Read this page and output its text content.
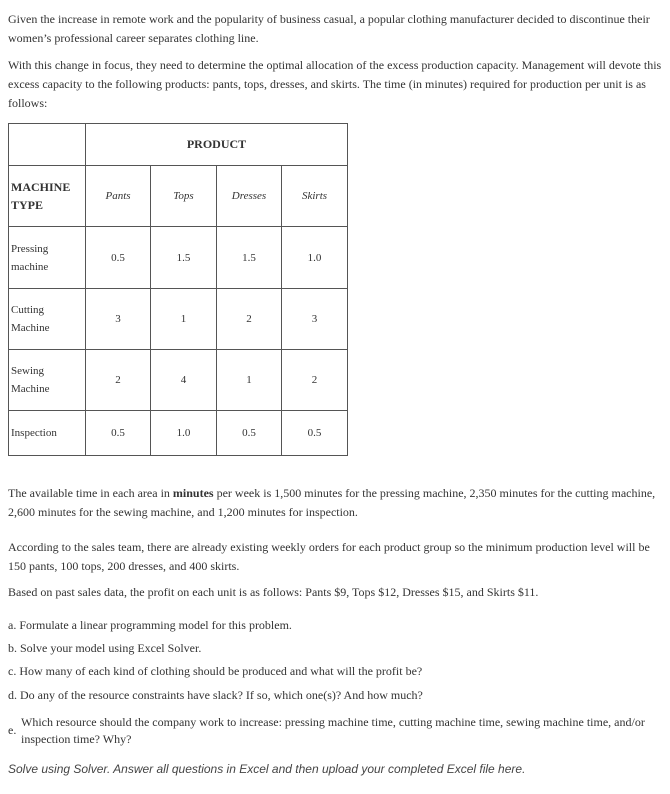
Given the increase in remote work and the popularity of business casual, a popular clothing manufacturer decided to discontinue their women’s professional career separates clothing line.

With this change in focus, they need to determine the optimal allocation of the excess production capacity. Management will devote this excess capacity to the following products: pants, tops, dresses, and skirts. The time (in minutes) required for production per unit is as follows:

	PRODUCT			
MACHINE TYPE	Pants	Tops	Dresses	Skirts
Pressing machine	0.5	1.5	1.5	1.0
Cutting Machine	3	1	2	3
Sewing Machine	2	4	1	2
Inspection	0.5	1.0	0.5	0.5

The available time in each area in minutes per week is 1,500 minutes for the pressing machine, 2,350 minutes for the cutting machine, 2,600 minutes for the sewing machine, and 1,200 minutes for inspection.

According to the sales team, there are already existing weekly orders for each product group so the minimum production level will be 150 pants, 100 tops, 200 dresses, and 400 skirts.

Based on past sales data, the profit on each unit is as follows: Pants $9, Tops $12, Dresses $15, and Skirts $11.

a. Formulate a linear programming model for this problem.

b. Solve your model using Excel Solver.

c. How many of each kind of clothing should be produced and what will the profit be?

d. Do any of the resource constraints have slack? If so, which one(s)? And how much?

e.
Which resource should the company work to increase: pressing machine time, cutting machine time, sewing machine time, and/or inspection time? Why?
Solve using Solver. Answer all questions in Excel and then upload your completed Excel file here.
